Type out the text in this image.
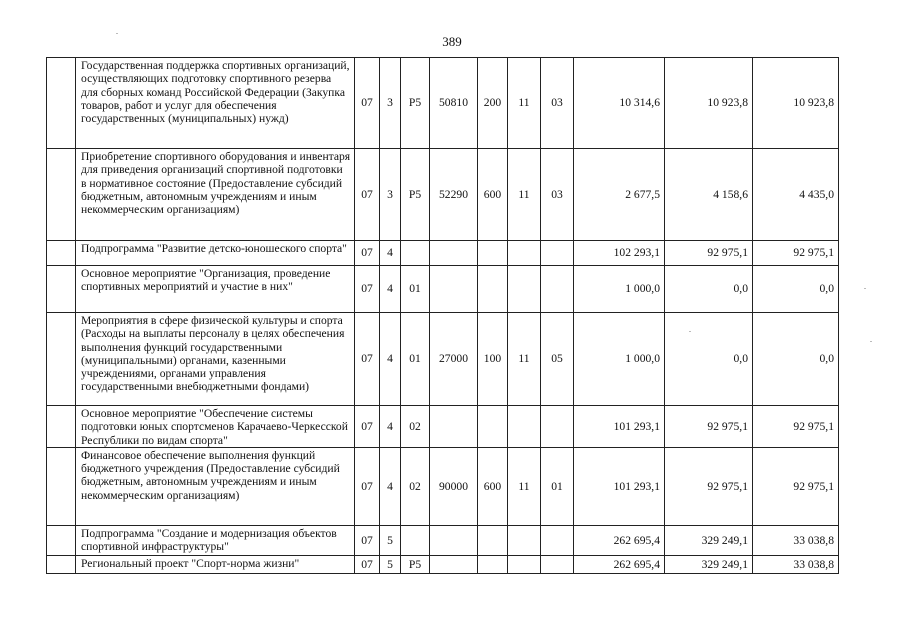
389
	Государственная поддержка спортивных организаций, осуществляющих подготовку спортивного резерва для сборных команд Российской Федерации (Закупка товаров, работ и услуг для обеспечения государственных (муниципальных) нужд)	07	3	P5	50810	200	11	03	10 314,6	10 923,8	10 923,8
	Приобретение спортивного оборудования и инвентаря для приведения организаций спортивной подготовки в нормативное состояние (Предоставление субсидий бюджетным, автономным учреждениям и иным некоммерческим организациям)	07	3	P5	52290	600	11	03	2 677,5	4 158,6	4 435,0
	Подпрограмма "Развитие детско-юношеского спорта"	07	4						102 293,1	92 975,1	92 975,1
	Основное мероприятие "Организация, проведение спортивных мероприятий и участие в них"	07	4	01					1 000,0	0,0	0,0
	Мероприятия в сфере физической культуры и спорта (Расходы на выплаты персоналу в целях обеспечения выполнения функций государственными (муниципальными) органами, казенными учреждениями, органами управления государственными внебюджетными фондами)	07	4	01	27000	100	11	05	1 000,0	0,0	0,0
	Основное мероприятие "Обеспечение системы подготовки юных спортсменов Карачаево-Черкесской Республики по видам спорта"	07	4	02					101 293,1	92 975,1	92 975,1
	Финансовое обеспечение выполнения функций бюджетного учреждения (Предоставление субсидий бюджетным, автономным учреждениям и иным некоммерческим организациям)	07	4	02	90000	600	11	01	101 293,1	92 975,1	92 975,1
	Подпрограмма "Создание и модернизация объектов спортивной инфраструктуры"	07	5						262 695,4	329 249,1	33 038,8
	Региональный проект "Спорт-норма жизни"	07	5	P5					262 695,4	329 249,1	33 038,8
